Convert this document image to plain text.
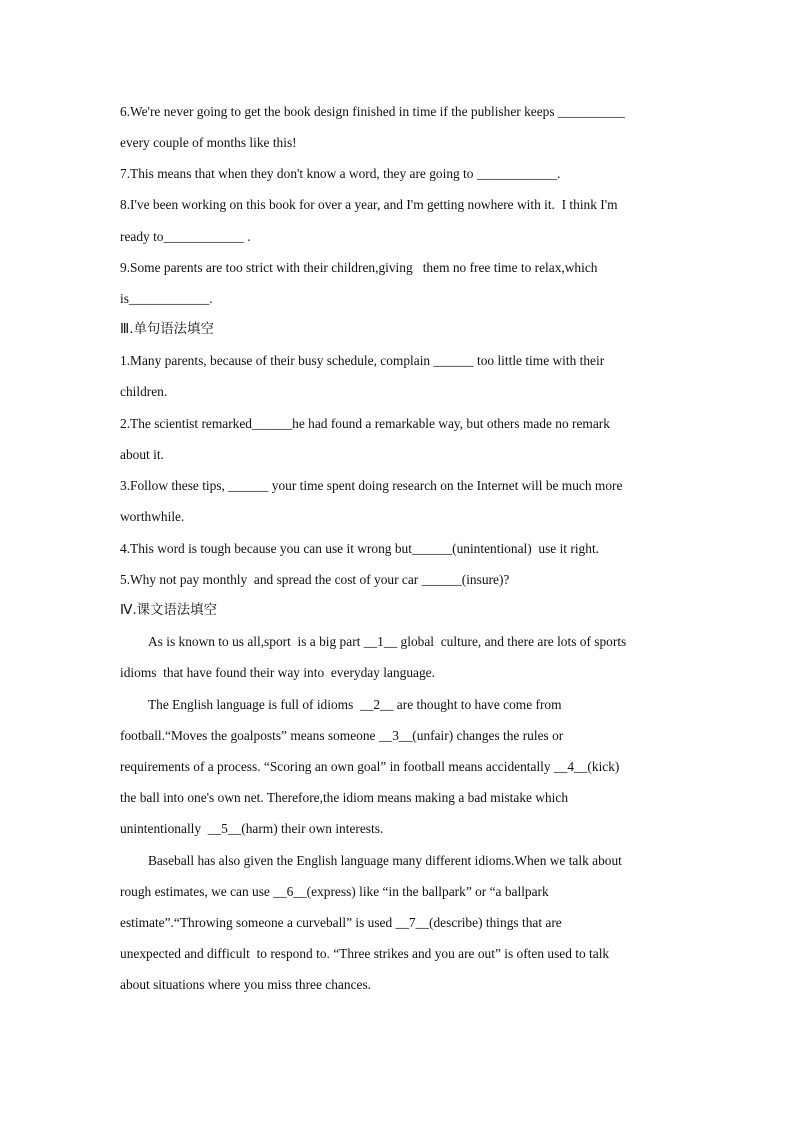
6.We're never going to get the book design finished in time if the publisher keeps __________
every couple of months like this!
7.This means that when they don't know a word, they are going to ____________.
8.I've been working on this book for over a year, and I'm getting nowhere with it.  I think I'm
ready to____________ .
9.Some parents are too strict with their children,giving   them no free time to relax,which
is____________.
Ⅲ.单句语法填空
1.Many parents, because of their busy schedule, complain ______ too little time with their
children.
2.The scientist remarked______he had found a remarkable way, but others made no remark
about it.
3.Follow these tips, ______ your time spent doing research on the Internet will be much more
worthwhile.
4.This word is tough because you can use it wrong but______(unintentional)  use it right.
5.Why not pay monthly  and spread the cost of your car ______(insure)?
Ⅳ.课文语法填空
As is known to us all,sport  is a big part __1__ global  culture, and there are lots of sports
idioms  that have found their way into  everyday language.
The English language is full of idioms  __2__ are thought to have come from
football.“Moves the goalposts” means someone __3__(unfair) changes the rules or
requirements of a process. “Scoring an own goal” in football means accidentally __4__(kick)
the ball into one's own net. Therefore,the idiom means making a bad mistake which
unintentionally  __5__(harm) their own interests.
Baseball has also given the English language many different idioms.When we talk about
rough estimates, we can use __6__(express) like “in the ballpark” or “a ballpark
estimate”.“Throwing someone a curveball” is used __7__(describe) things that are
unexpected and difficult  to respond to. “Three strikes and you are out” is often used to talk
about situations where you miss three chances.
